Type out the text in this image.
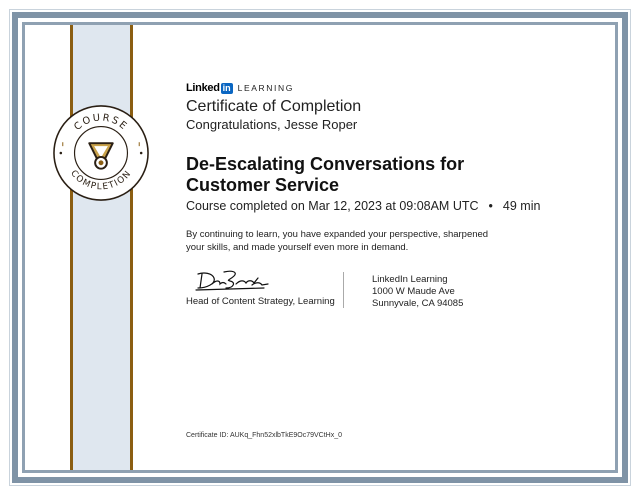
COURSE
COMPLETION
Linked in LEARNING
Certificate of Completion
Congratulations, Jesse Roper
De-Escalating Conversations for
Customer Service
Course completed on Mar 12, 2023 at 09:08AM UTC • 49 min
By continuing to learn, you have expanded your perspective, sharpened your skills, and made yourself even more in demand.
Head of Content Strategy, Learning
LinkedIn Learning
1000 W Maude Ave
Sunnyvale, CA 94085
Certificate ID: AUKq_Fhn52xlbTkE9Oc79VCtHx_0
